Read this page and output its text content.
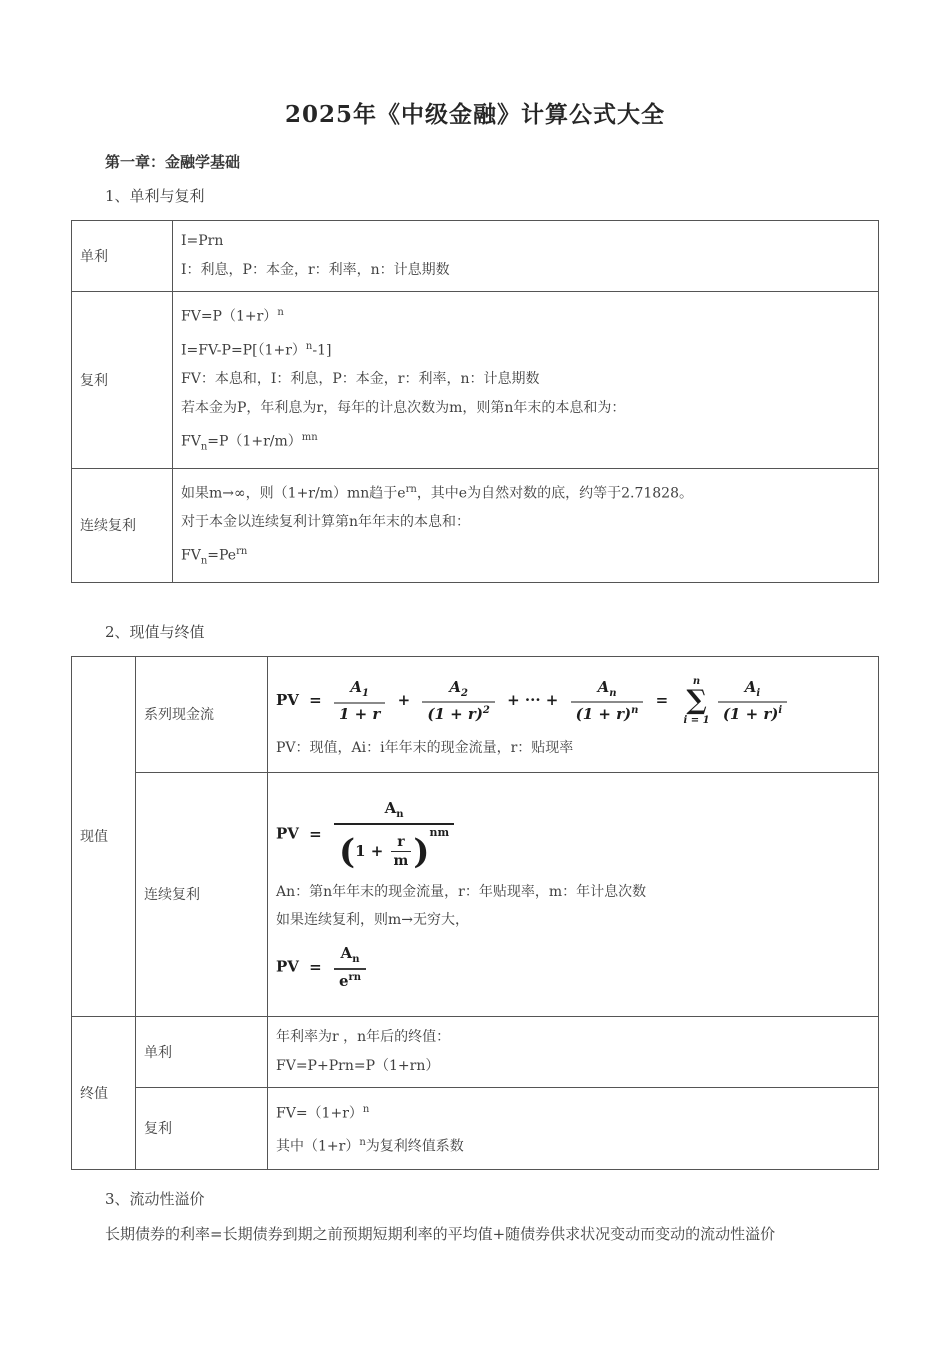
2025年《中级金融》计算公式大全
第一章：金融学基础
1、单利与复利
单利	I=Prn
I：利息，P：本金，r：利率，n：计息期数

复利	$FV=P(1+r)^n$
$I=FV-P=P[(1+r)^n-1]$
FV：本息和，I：利息，P：本金，r：利率，n：计息期数
若本金为P，年利息为r，每年的计息次数为m，则第n年末的本息和为：
$FV_n=P(1+r/m)^{mn}$

连续复利	如果m→∞，则（1+r/m）mn趋于$e^{rn}$，其中e为自然对数的底，约等于2.71828。
对于本金以连续复利计算第n年年末的本息和：
$FV_n=Pe^{rn}$
2、现值与终值
现值	系列现金流	
PV = $\frac{A_1}{1 + r} + \frac{A_2}{(1 + r)^2}$ + ··· + $\frac{A_n}{(1 + r)^n}$ =
n
∑
i = 1
$\frac{A_i}{(1 + r)^i}$
PV：现值，Ai：i年年末的现金流量，r：贴现率

连续复利	
PV = $\frac{A_n}{(1 + \frac{r}{m} )^{nm}}$
An：第n年年末的现金流量，r：年贴现率，m：年计息次数
如果连续复利，则m→无穷大，
PV = $\frac{A_n}{e^{rn}}$

终值	单利	年利率为r ，n年后的终值：
FV=P+Prn=P（1+rn）

	复利	$FV=(1+r)^n$
其中$(1+r)^n$为复利终值系数
3、流动性溢价
长期债券的利率=长期债券到期之前预期短期利率的平均值+随债券供求状况变动而变动的流动性溢价
